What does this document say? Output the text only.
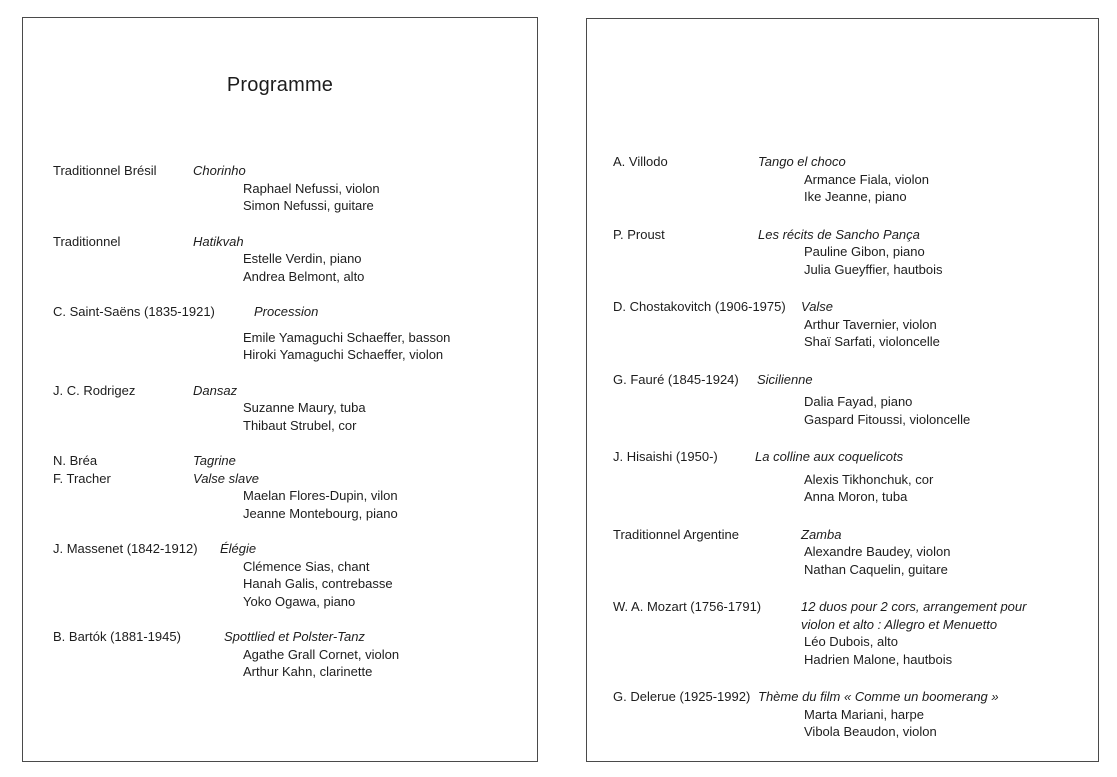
Programme
Traditionnel Brésil	Chorinho
Raphael Nefussi, violon
Simon Nefussi, guitare
Traditionnel	Hatikvah
Estelle Verdin, piano
Andrea Belmont, alto
C. Saint-Saëns (1835-1921)	Procession
Emile Yamaguchi Schaeffer, basson
Hiroki Yamaguchi Schaeffer, violon
J. C. Rodrigez	Dansaz
Suzanne Maury, tuba
Thibaut Strubel, cor
N. Bréa	Tagrine
F. Tracher	Valse slave
Maelan Flores-Dupin, vilon
Jeanne Montebourg, piano
J. Massenet (1842-1912) Élégie
Clémence Sias, chant
Hanah Galis, contrebasse
Yoko Ogawa, piano
B. Bartók (1881-1945)	Spottlied et Polster-Tanz
Agathe Grall Cornet, violon
Arthur Kahn, clarinette
A. Villodo	Tango el choco
Armance Fiala, violon
Ike Jeanne, piano
P. Proust	Les récits de Sancho Pança
Pauline Gibon, piano
Julia Gueyffier, hautbois
D. Chostakovitch (1906-1975) Valse
Arthur Tavernier, violon
Shaï Sarfati, violoncelle
G. Fauré (1845-1924) Sicilienne
Dalia Fayad, piano
Gaspard Fitoussi, violoncelle
J. Hisaishi (1950-)	La colline aux coquelicots
Alexis Tikhonchuk, cor
Anna Moron, tuba
Traditionnel Argentine	Zamba
Alexandre Baudey, violon
Nathan Caquelin, guitare
W. A. Mozart (1756-1791)	12 duos pour 2 cors, arrangement pour
violon et alto : Allegro et Menuetto
Léo Dubois, alto
Hadrien Malone, hautbois
G. Delerue (1925-1992) Thème du film « Comme un boomerang »
Marta Mariani, harpe
Vibola Beaudon, violon
